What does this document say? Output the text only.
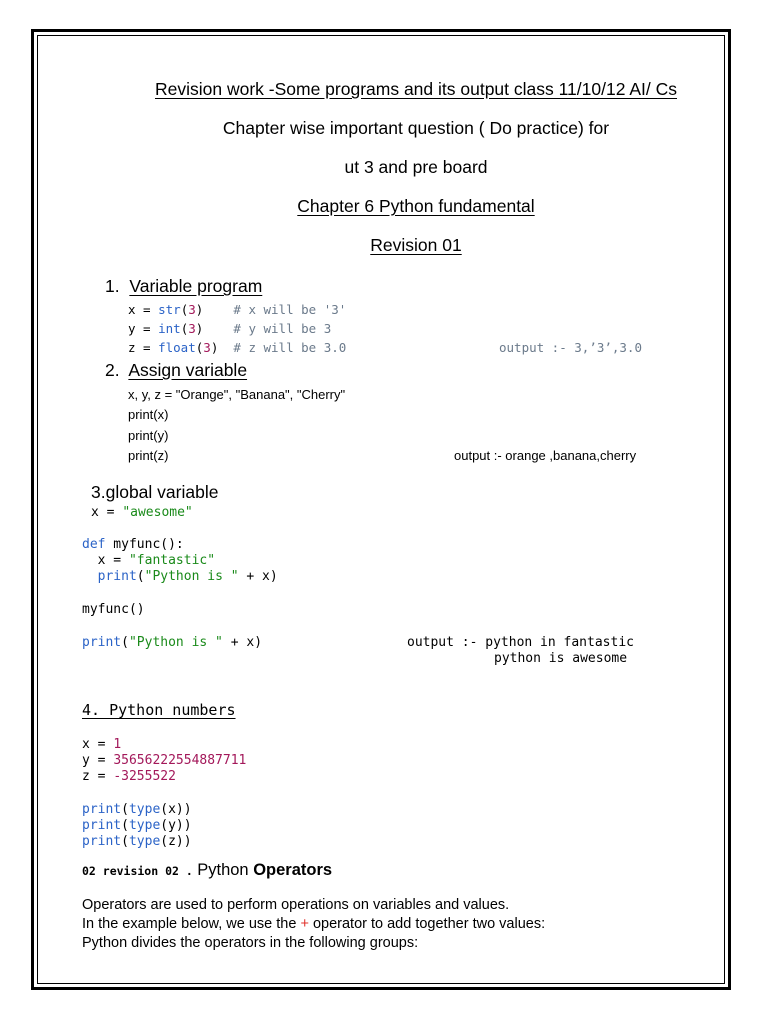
Revision work -Some programs and its output class 11/10/12 AI/ Cs
Chapter wise important question ( Do practice) for
ut 3 and pre board
Chapter 6 Python fundamental
Revision 01
1. Variable program
x = str(3) # x will be '3'
y = int(3) # y will be 3
z = float(3) # z will be 3.0	output :- 3,’3’,3.0
2. Assign variable
x, y, z = "Orange", "Banana", "Cherry"
print(x)
print(y)
print(z)	output :- orange ,banana,cherry
3.global variable
x = "awesome"
def myfunc():
x = "fantastic"
print("Python is " + x)
myfunc()
print("Python is " + x)	output :- python in fantastic
python is awesome
4. Python numbers
x = 1
y = 35656222554887711
z = -3255522
print(type(x))
print(type(y))
print(type(z))
02 revision 02 . Python Operators
Operators are used to perform operations on variables and values.
In the example below, we use the + operator to add together two values:
Python divides the operators in the following groups:
